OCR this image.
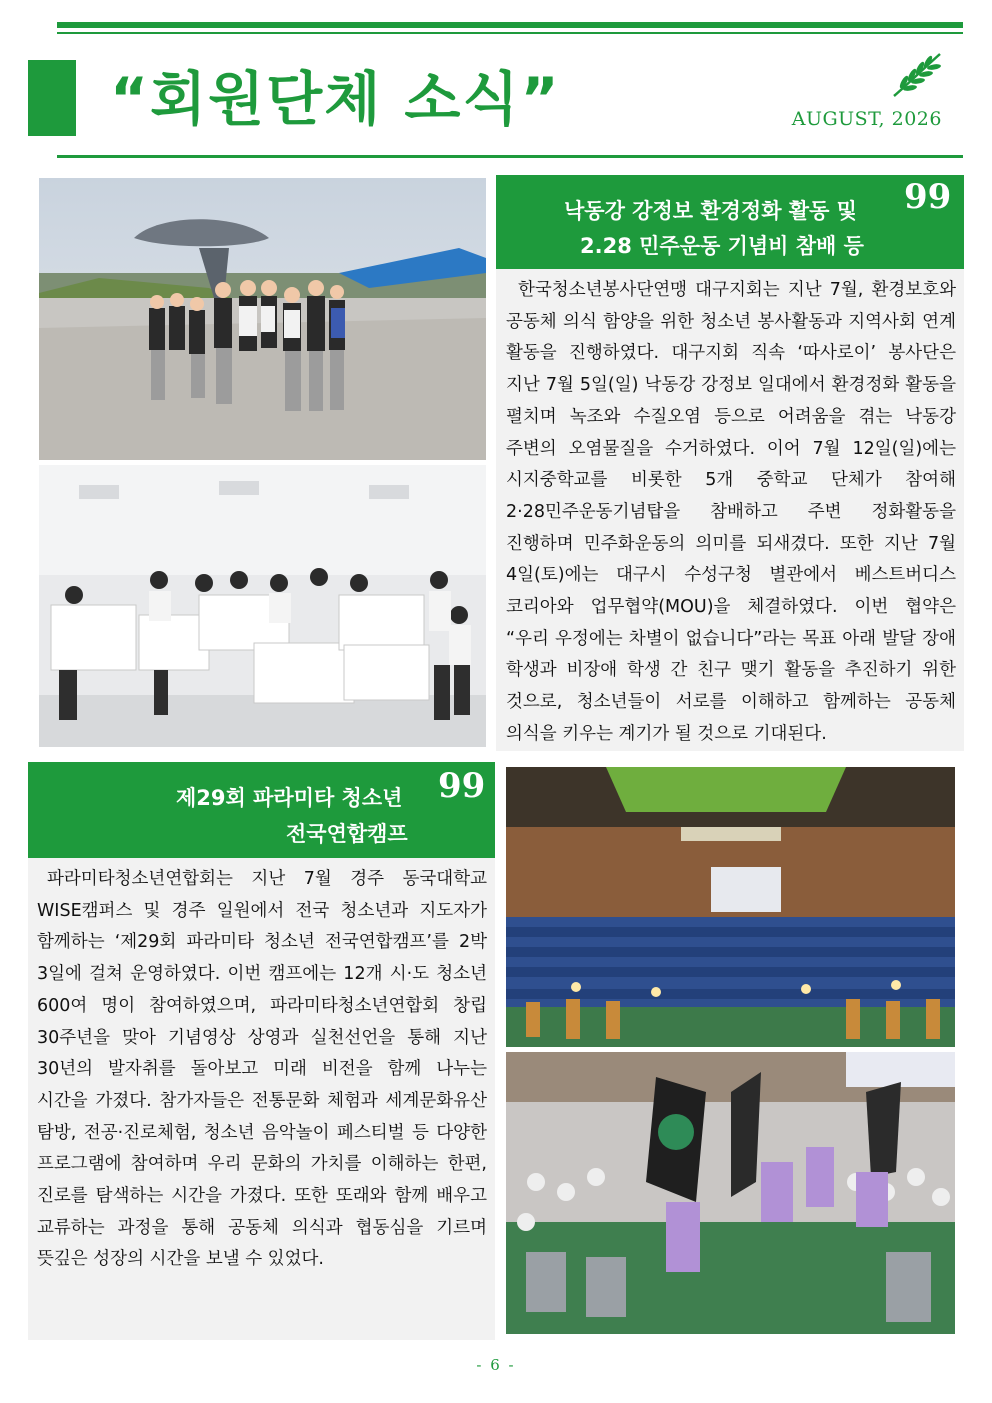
“회원단체 소식”	AUGUST, 2026
낙동강 강정보 환경정화 활동 및
2.28 민주운동 기념비 참배 등
99
한국청소년봉사단연맹 대구지회는 지난 7월, 환경보호와 공동체 의식 함양을 위한 청소년 봉사활동과 지역사회 연계 활동을 진행하였다. 대구지회 직속 ‘따사로이’ 봉사단은 지난 7월 5일(일) 낙동강 강정보 일대에서 환경정화 활동을 펼치며 녹조와 수질오염 등으로 어려움을 겪는 낙동강 주변의 오염물질을 수거하였다. 이어 7월 12일(일)에는 시지중학교를 비롯한 5개 중학교 단체가 참여해 2·28민주운동기념탑을 참배하고 주변 정화활동을 진행하며 민주화운동의 의미를 되새겼다. 또한 지난 7월 4일(토)에는 대구시 수성구청 별관에서 베스트버디스 코리아와 업무협약(MOU)을 체결하였다. 이번 협약은 “우리 우정에는 차별이 없습니다”라는 목표 아래 발달 장애 학생과 비장애 학생 간 친구 맺기 활동을 추진하기 위한 것으로, 청소년들이 서로를 이해하고 함께하는 공동체 의식을 키우는 계기가 될 것으로 기대된다.
제29회 파라미타 청소년
전국연합캠프
99
파라미타청소년연합회는 지난 7월 경주 동국대학교 WISE캠퍼스 및 경주 일원에서 전국 청소년과 지도자가 함께하는 ‘제29회 파라미타 청소년 전국연합캠프’를 2박 3일에 걸쳐 운영하였다. 이번 캠프에는 12개 시·도 청소년 600여 명이 참여하였으며, 파라미타청소년연합회 창립 30주년을 맞아 기념영상 상영과 실천선언을 통해 지난 30년의 발자취를 돌아보고 미래 비전을 함께 나누는 시간을 가졌다. 참가자들은 전통문화 체험과 세계문화유산 탐방, 전공·진로체험, 청소년 음악놀이 페스티벌 등 다양한 프로그램에 참여하며 우리 문화의 가치를 이해하는 한편, 진로를 탐색하는 시간을 가졌다. 또한 또래와 함께 배우고 교류하는 과정을 통해 공동체 의식과 협동심을 기르며 뜻깊은 성장의 시간을 보낼 수 있었다.
- 6 -
